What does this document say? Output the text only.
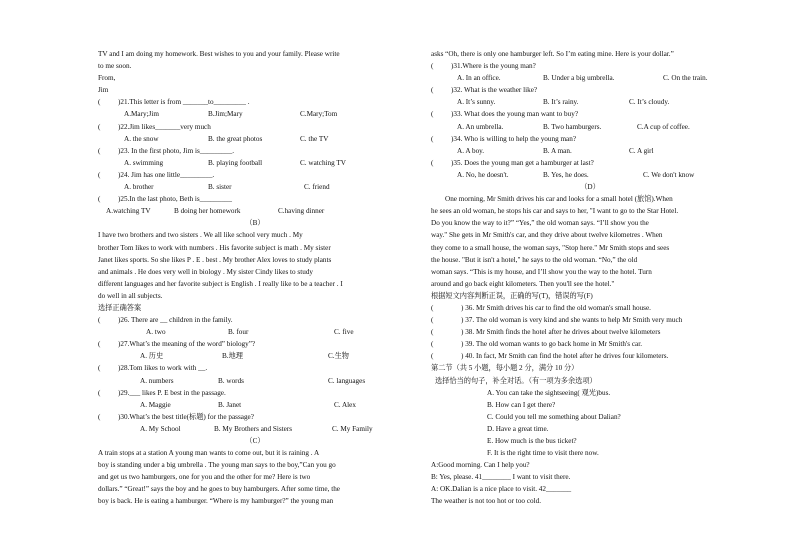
TV and I am doing my homework. Best wishes to you and your family. Please write
to me soon.
From,
Jim
(	)21.This letter is from _______to_________ .
A.Mary;Jim	B.Jim;Mary	C.Mary;Tom
(	)22.Jim likes_______very much
A. the snow	B. the great photos	C. the TV
(	)23. In the first photo, Jim is_________.
A. swimming	B. playing football	C. watching TV
(	)24. Jim has one little_________.
A. brother	B. sister	C. friend
(	)25.In the last photo, Beth is_________
A.watching TV	B doing her homework	C.having dinner
（B）
I have two brothers and two sisters . We all like school very much . My
brother Tom likes to work with numbers . His favorite subject is math . My sister
Janet likes sports. So she likes P . E . best . My brother Alex loves to study plants
and animals . He does very well in biology . My sister Cindy likes to study
different languages and her favorite subject is English . I really like to be a teacher . I
do well in all subjects.
选择正确答案
(	)26. There are __ children in the family.
A. two	B. four	C. five
(	)27.What’s the meaning of the word” biology”?
A. 历史	B.地理	C.生物
(	)28.Tom likes to work with __.
A. numbers	B. words	C. languages
(	)29.___ likes P. E best in the passage.
A. Maggie	B. Janet	C. Alex
(	)30.What’s the best title(标题) for the passage?
A. My School	B. My Brothers and Sisters	C. My Family
（C）
A train stops at a station A young man wants to come out, but it is raining . A
boy is standing under a big umbrella . The young man says to the boy,”Can you go
and get us two hamburgers, one for you and the other for me? Here is two
dollars.” “Great!” says the boy and he goes to buy hamburgers. After some time, the
boy is back. He is eating a hamburger. “Where is my hamburger?” the young man
asks “Oh, there is only one hamburger left. So I’m eating mine. Here is your dollar.”
(	)31.Where is the young man?
A. In an office.	B. Under a big umbrella.	C. On the train.
(	)32. What is the weather like?
A. It’s sunny.	B. It’s rainy.	C. It’s cloudy.
(	)33. What does the young man want to buy?
A. An umbrella.	B. Two hamburgers.	C.A cup of coffee.
(	)34. Who is willing to help the young man?
A. A boy.	B. A man.	C. A girl
(	)35. Does the young man get a hamburger at last?
A. No, he doesn't.	B. Yes, he does.	C. We don't know
（D）
One morning, Mr Smith drives his car and looks for a small hotel (旅馆).When
he sees an old woman, he stops his car and says to her, "I want to go to the Star Hotel.
Do you know the way to it?” “Yes,” the old woman says. “I’ll show you the
way." She gets in Mr Smith's car, and they drive about twelve kilometres . When
they come to a small house, the woman says, "Stop here." Mr Smith stops and sees
the house. "But it isn't a hotel," he says to the old woman. “No,” the old
woman says. “This is my house, and I’ll show you the way to the hotel. Turn
around and go back eight kilometers. Then you'll see the hotel."
根据短文内容判断正误，正确的写(T)，错误的写(F)
(	) 36. Mr Smith drives his car to find the old woman's small house.
(	) 37. The old woman is very kind and she wants to help Mr Smith very much
(	) 38. Mr Smith finds the hotel after he drives about twelve kilometers
(	) 39. The old woman wants to go back home in Mr Smith's car.
(	) 40. In fact, Mr Smith can find the hotel after he drives four kilometers.
第二节（共 5 小题，每小题 2 分，满分 10 分）
选择恰当的句子，补全对话。（有一项为多余选项）
A. You can take the sightseeing( 观光)bus.
B. How can I get there?
C. Could you tell me something about Dalian?
D. Have a great time.
E. How much is the bus ticket?
F. It is the right time to visit there now.
A:Good morning. Can I help you?
B: Yes, please. 41________ I want to visit there.
A: OK.Dalian is a nice place to visit. 42_______
The weather is not too hot or too cold.
